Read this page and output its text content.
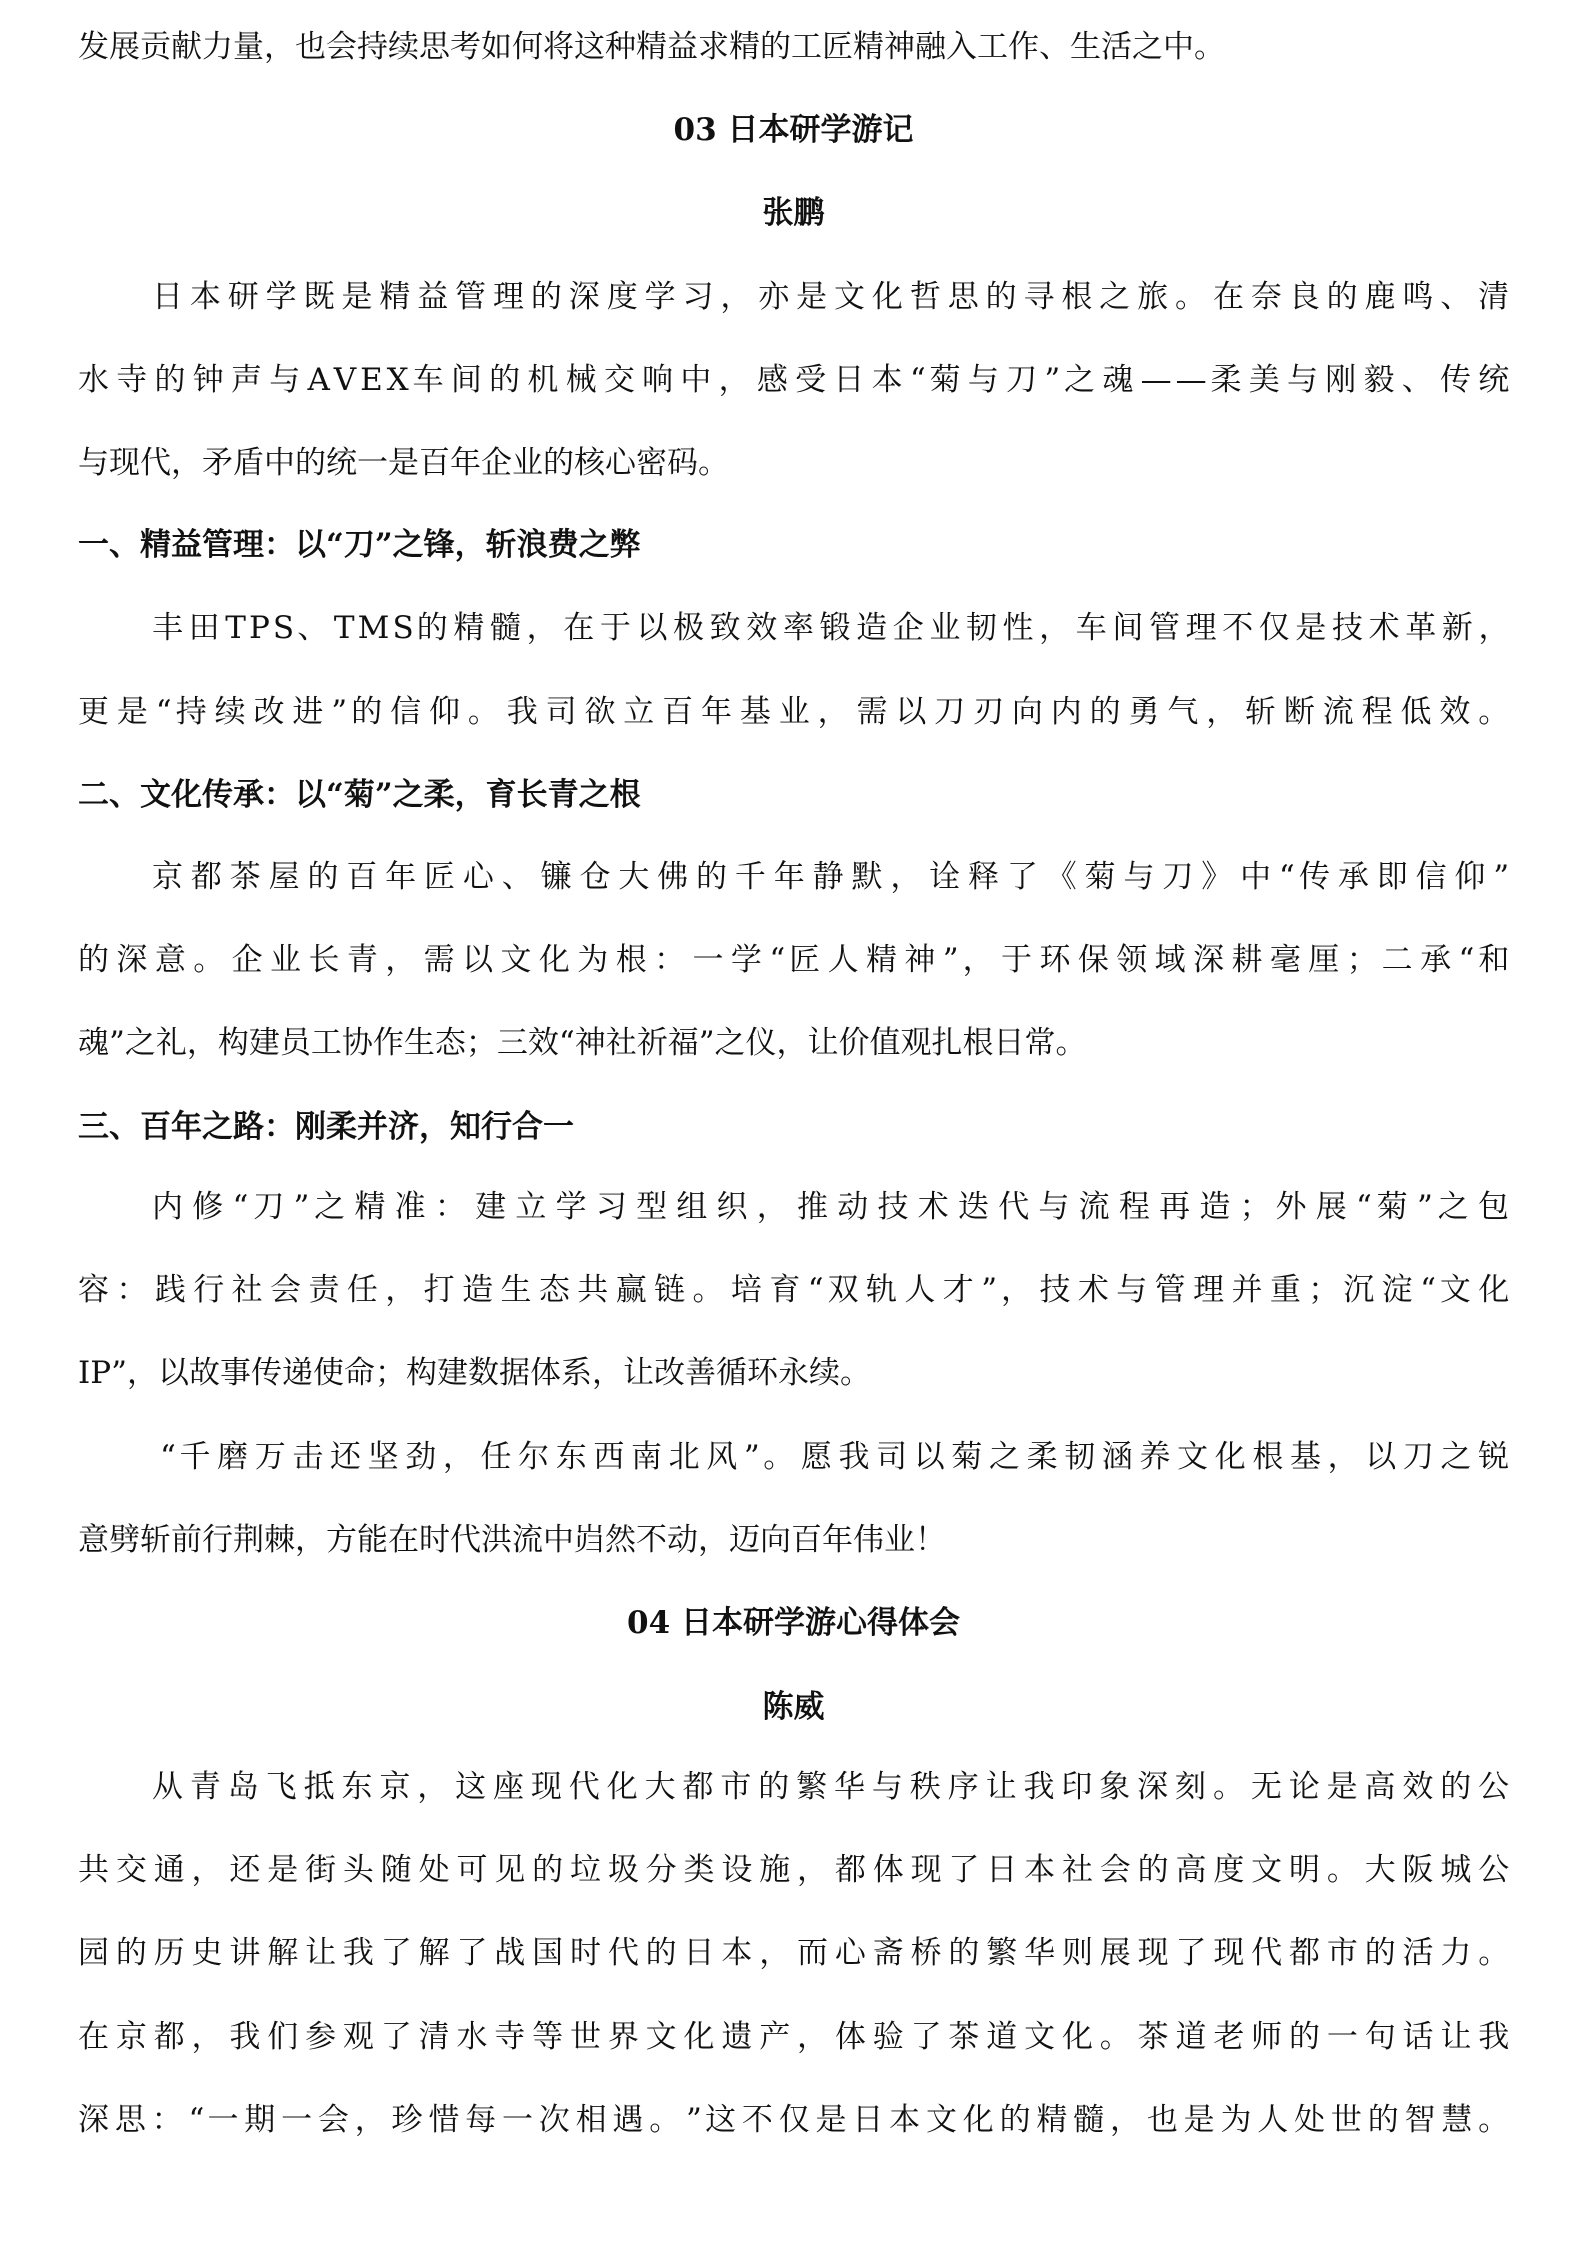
发展贡献力量，也会持续思考如何将这种精益求精的工匠精神融入工作、生活之中。
03 日本研学游记
张鹏
日 本 研 学 既 是 精 益 管 理 的 深 度 学 习 ， 亦 是 文 化 哲 思 的 寻 根 之 旅 。 在 奈 良 的 鹿 鸣 、 清
水 寺 的 钟 声 与 A V E X 车 间 的 机 械 交 响 中 ， 感 受 日 本 “ 菊 与 刀 ” 之 魂 — — 柔 美 与 刚 毅 、 传 统
与现代，矛盾中的统一是百年企业的核心密码。
一、精益管理：以“刀”之锋，斩浪费之弊
丰 田 T P S 、 T M S 的 精 髓 ， 在 于 以 极 致 效 率 锻 造 企 业 韧 性 ， 车 间 管 理 不 仅 是 技 术 革 新 ，
更 是 “ 持 续 改 进 ” 的 信 仰 。 我 司 欲 立 百 年 基 业 ， 需 以 刀 刃 向 内 的 勇 气 ， 斩 断 流 程 低 效 。
二、文化传承：以“菊”之柔，育长青之根
京 都 茶 屋 的 百 年 匠 心 、 镰 仓 大 佛 的 千 年 静 默 ， 诠 释 了 《 菊 与 刀 》 中 “ 传 承 即 信 仰 ”
的 深 意 。 企 业 长 青 ， 需 以 文 化 为 根 ： 一 学 “ 匠 人 精 神 ” ， 于 环 保 领 域 深 耕 毫 厘 ； 二 承 “ 和
魂”之礼，构建员工协作生态；三效“神社祈福”之仪，让价值观扎根日常。
三、百年之路：刚柔并济，知行合一
内 修 “ 刀 ” 之 精 准 ： 建 立 学 习 型 组 织 ， 推 动 技 术 迭 代 与 流 程 再 造 ； 外 展 “ 菊 ” 之 包
容 ： 践 行 社 会 责 任 ， 打 造 生 态 共 赢 链 。 培 育 “ 双 轨 人 才 ” ， 技 术 与 管 理 并 重 ； 沉 淀 “ 文 化
IP”，以故事传递使命；构建数据体系，让改善循环永续。
“ 千 磨 万 击 还 坚 劲 ， 任 尔 东 西 南 北 风 ” 。 愿 我 司 以 菊 之 柔 韧 涵 养 文 化 根 基 ， 以 刀 之 锐
意劈斩前行荆棘，方能在时代洪流中岿然不动，迈向百年伟业！
04 日本研学游心得体会
陈威
从 青 岛 飞 抵 东 京 ， 这 座 现 代 化 大 都 市 的 繁 华 与 秩 序 让 我 印 象 深 刻 。 无 论 是 高 效 的 公
共 交 通 ， 还 是 街 头 随 处 可 见 的 垃 圾 分 类 设 施 ， 都 体 现 了 日 本 社 会 的 高 度 文 明 。 大 阪 城 公
园 的 历 史 讲 解 让 我 了 解 了 战 国 时 代 的 日 本 ， 而 心 斋 桥 的 繁 华 则 展 现 了 现 代 都 市 的 活 力 。
在 京 都 ， 我 们 参 观 了 清 水 寺 等 世 界 文 化 遗 产 ， 体 验 了 茶 道 文 化 。 茶 道 老 师 的 一 句 话 让 我
深 思 ： “ 一 期 一 会 ， 珍 惜 每 一 次 相 遇 。 ” 这 不 仅 是 日 本 文 化 的 精 髓 ， 也 是 为 人 处 世 的 智 慧 。
